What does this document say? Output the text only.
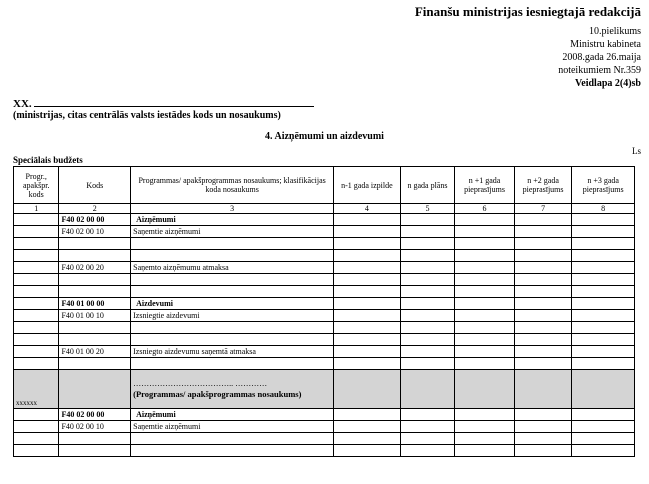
Finanšu ministrijas iesniegtajā redakcijā
10.pielikums
Ministru kabineta
2008.gada 26.maija
noteikumiem Nr.359
Veidlapa 2(4)sb
XX.
(ministrijas, citas centrālās valsts iestādes kods un nosaukums)
4. Aizņēmumi un aizdevumi
Ls
Speciālais budžets
Progr., apakšpr. kods	Kods	Programmas/ apakšprogrammas nosaukums; klasifikācijas koda nosaukums	n-1 gada izpilde	n gada plāns	n +1 gada pieprasījums	n +2 gada pieprasījums	n +3 gada pieprasījums
1	2	3	4	5	6	7	8
	F40 02 00 00	Aizņēmumi					
	F40 02 00 10	Saņemtie aizņēmumi					

	F40 02 00 20	Saņemto aizņēmumu atmaksa					

	F40 01 00 00	Aizdevumi					
	F40 01 00 10	Izsniegtie aizdevumi					

	F40 01 00 20	Izsniegto aizdevumu saņemtā atmaksa					

xxxxxx		……………………………….. …………
(Programmas/ apakšprogrammas nosaukums)					

	F40 02 00 00	Aizņēmumi					
	F40 02 00 10	Saņemtie aizņēmumi					
